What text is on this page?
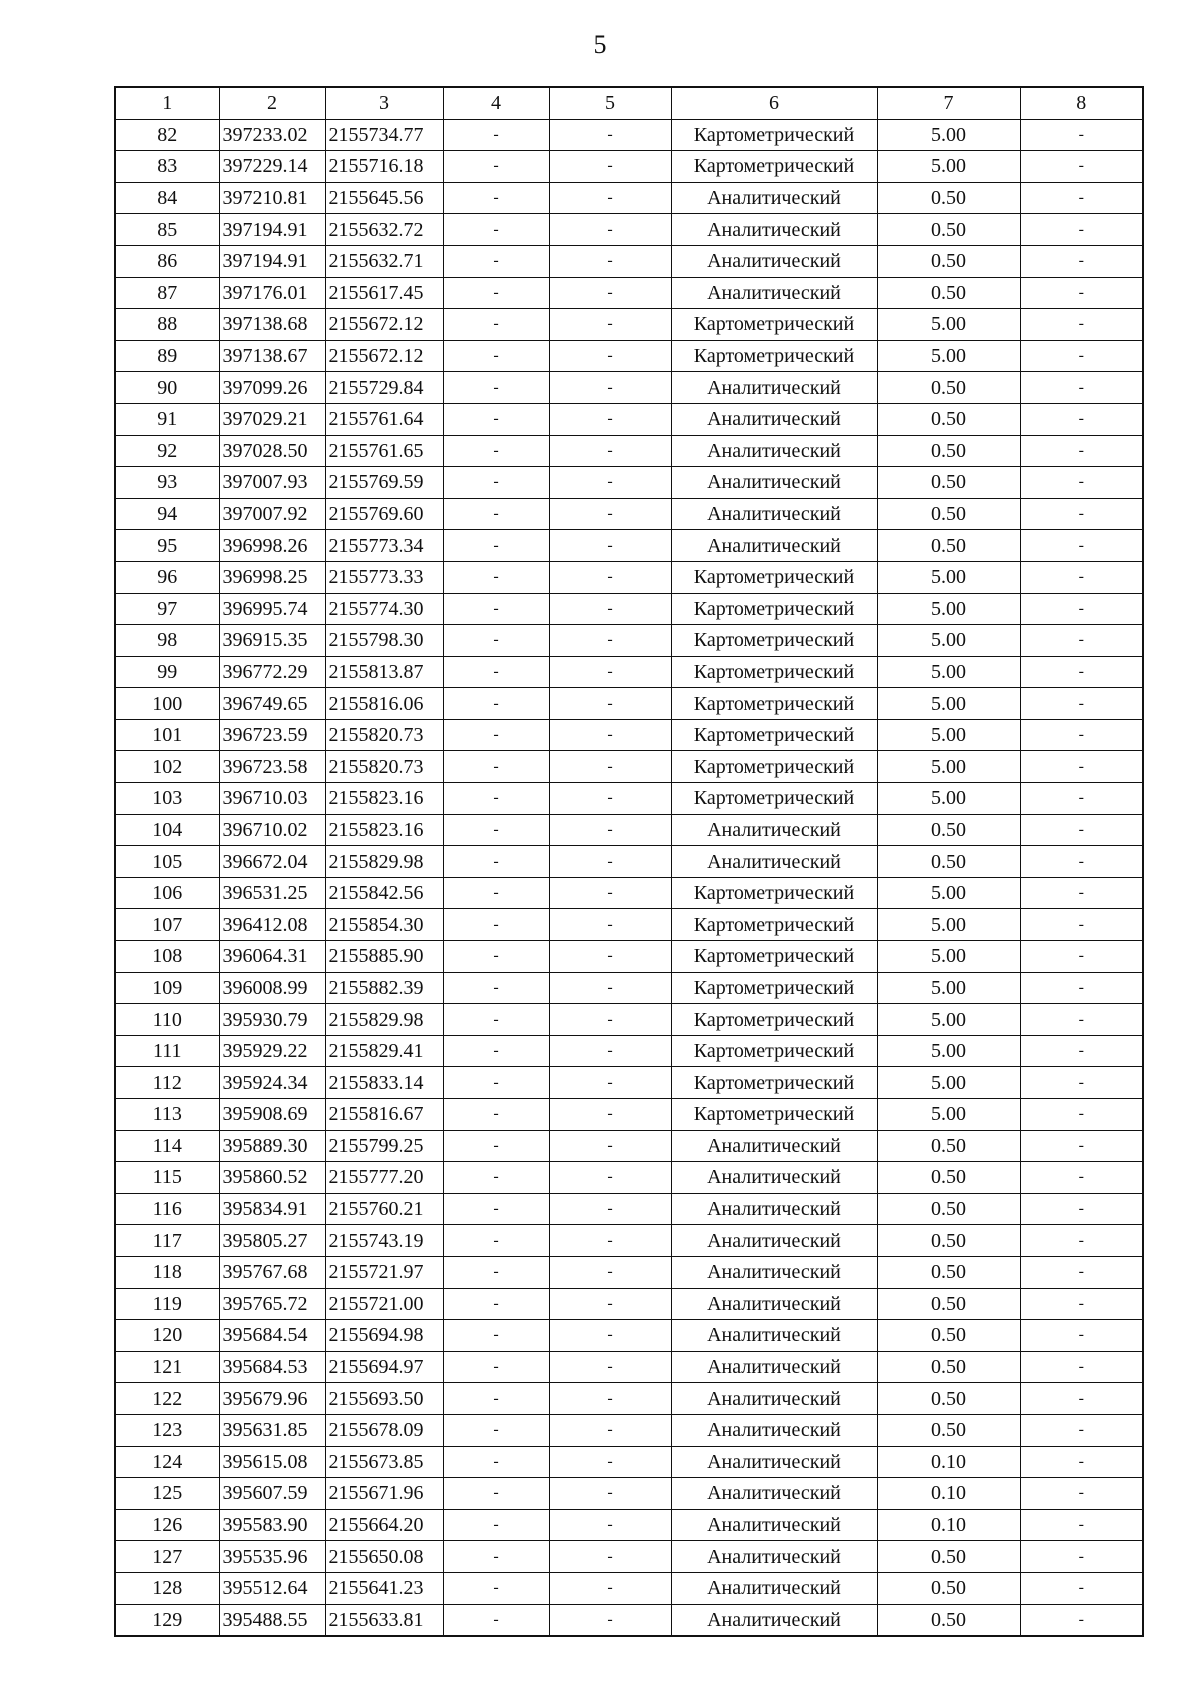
5
1	2	3	4	5	6	7	8
82	397233.02	2155734.77	-	-	Картометрический	5.00	-
83	397229.14	2155716.18	-	-	Картометрический	5.00	-
84	397210.81	2155645.56	-	-	Аналитический	0.50	-
85	397194.91	2155632.72	-	-	Аналитический	0.50	-
86	397194.91	2155632.71	-	-	Аналитический	0.50	-
87	397176.01	2155617.45	-	-	Аналитический	0.50	-
88	397138.68	2155672.12	-	-	Картометрический	5.00	-
89	397138.67	2155672.12	-	-	Картометрический	5.00	-
90	397099.26	2155729.84	-	-	Аналитический	0.50	-
91	397029.21	2155761.64	-	-	Аналитический	0.50	-
92	397028.50	2155761.65	-	-	Аналитический	0.50	-
93	397007.93	2155769.59	-	-	Аналитический	0.50	-
94	397007.92	2155769.60	-	-	Аналитический	0.50	-
95	396998.26	2155773.34	-	-	Аналитический	0.50	-
96	396998.25	2155773.33	-	-	Картометрический	5.00	-
97	396995.74	2155774.30	-	-	Картометрический	5.00	-
98	396915.35	2155798.30	-	-	Картометрический	5.00	-
99	396772.29	2155813.87	-	-	Картометрический	5.00	-
100	396749.65	2155816.06	-	-	Картометрический	5.00	-
101	396723.59	2155820.73	-	-	Картометрический	5.00	-
102	396723.58	2155820.73	-	-	Картометрический	5.00	-
103	396710.03	2155823.16	-	-	Картометрический	5.00	-
104	396710.02	2155823.16	-	-	Аналитический	0.50	-
105	396672.04	2155829.98	-	-	Аналитический	0.50	-
106	396531.25	2155842.56	-	-	Картометрический	5.00	-
107	396412.08	2155854.30	-	-	Картометрический	5.00	-
108	396064.31	2155885.90	-	-	Картометрический	5.00	-
109	396008.99	2155882.39	-	-	Картометрический	5.00	-
110	395930.79	2155829.98	-	-	Картометрический	5.00	-
111	395929.22	2155829.41	-	-	Картометрический	5.00	-
112	395924.34	2155833.14	-	-	Картометрический	5.00	-
113	395908.69	2155816.67	-	-	Картометрический	5.00	-
114	395889.30	2155799.25	-	-	Аналитический	0.50	-
115	395860.52	2155777.20	-	-	Аналитический	0.50	-
116	395834.91	2155760.21	-	-	Аналитический	0.50	-
117	395805.27	2155743.19	-	-	Аналитический	0.50	-
118	395767.68	2155721.97	-	-	Аналитический	0.50	-
119	395765.72	2155721.00	-	-	Аналитический	0.50	-
120	395684.54	2155694.98	-	-	Аналитический	0.50	-
121	395684.53	2155694.97	-	-	Аналитический	0.50	-
122	395679.96	2155693.50	-	-	Аналитический	0.50	-
123	395631.85	2155678.09	-	-	Аналитический	0.50	-
124	395615.08	2155673.85	-	-	Аналитический	0.10	-
125	395607.59	2155671.96	-	-	Аналитический	0.10	-
126	395583.90	2155664.20	-	-	Аналитический	0.10	-
127	395535.96	2155650.08	-	-	Аналитический	0.50	-
128	395512.64	2155641.23	-	-	Аналитический	0.50	-
129	395488.55	2155633.81	-	-	Аналитический	0.50	-
